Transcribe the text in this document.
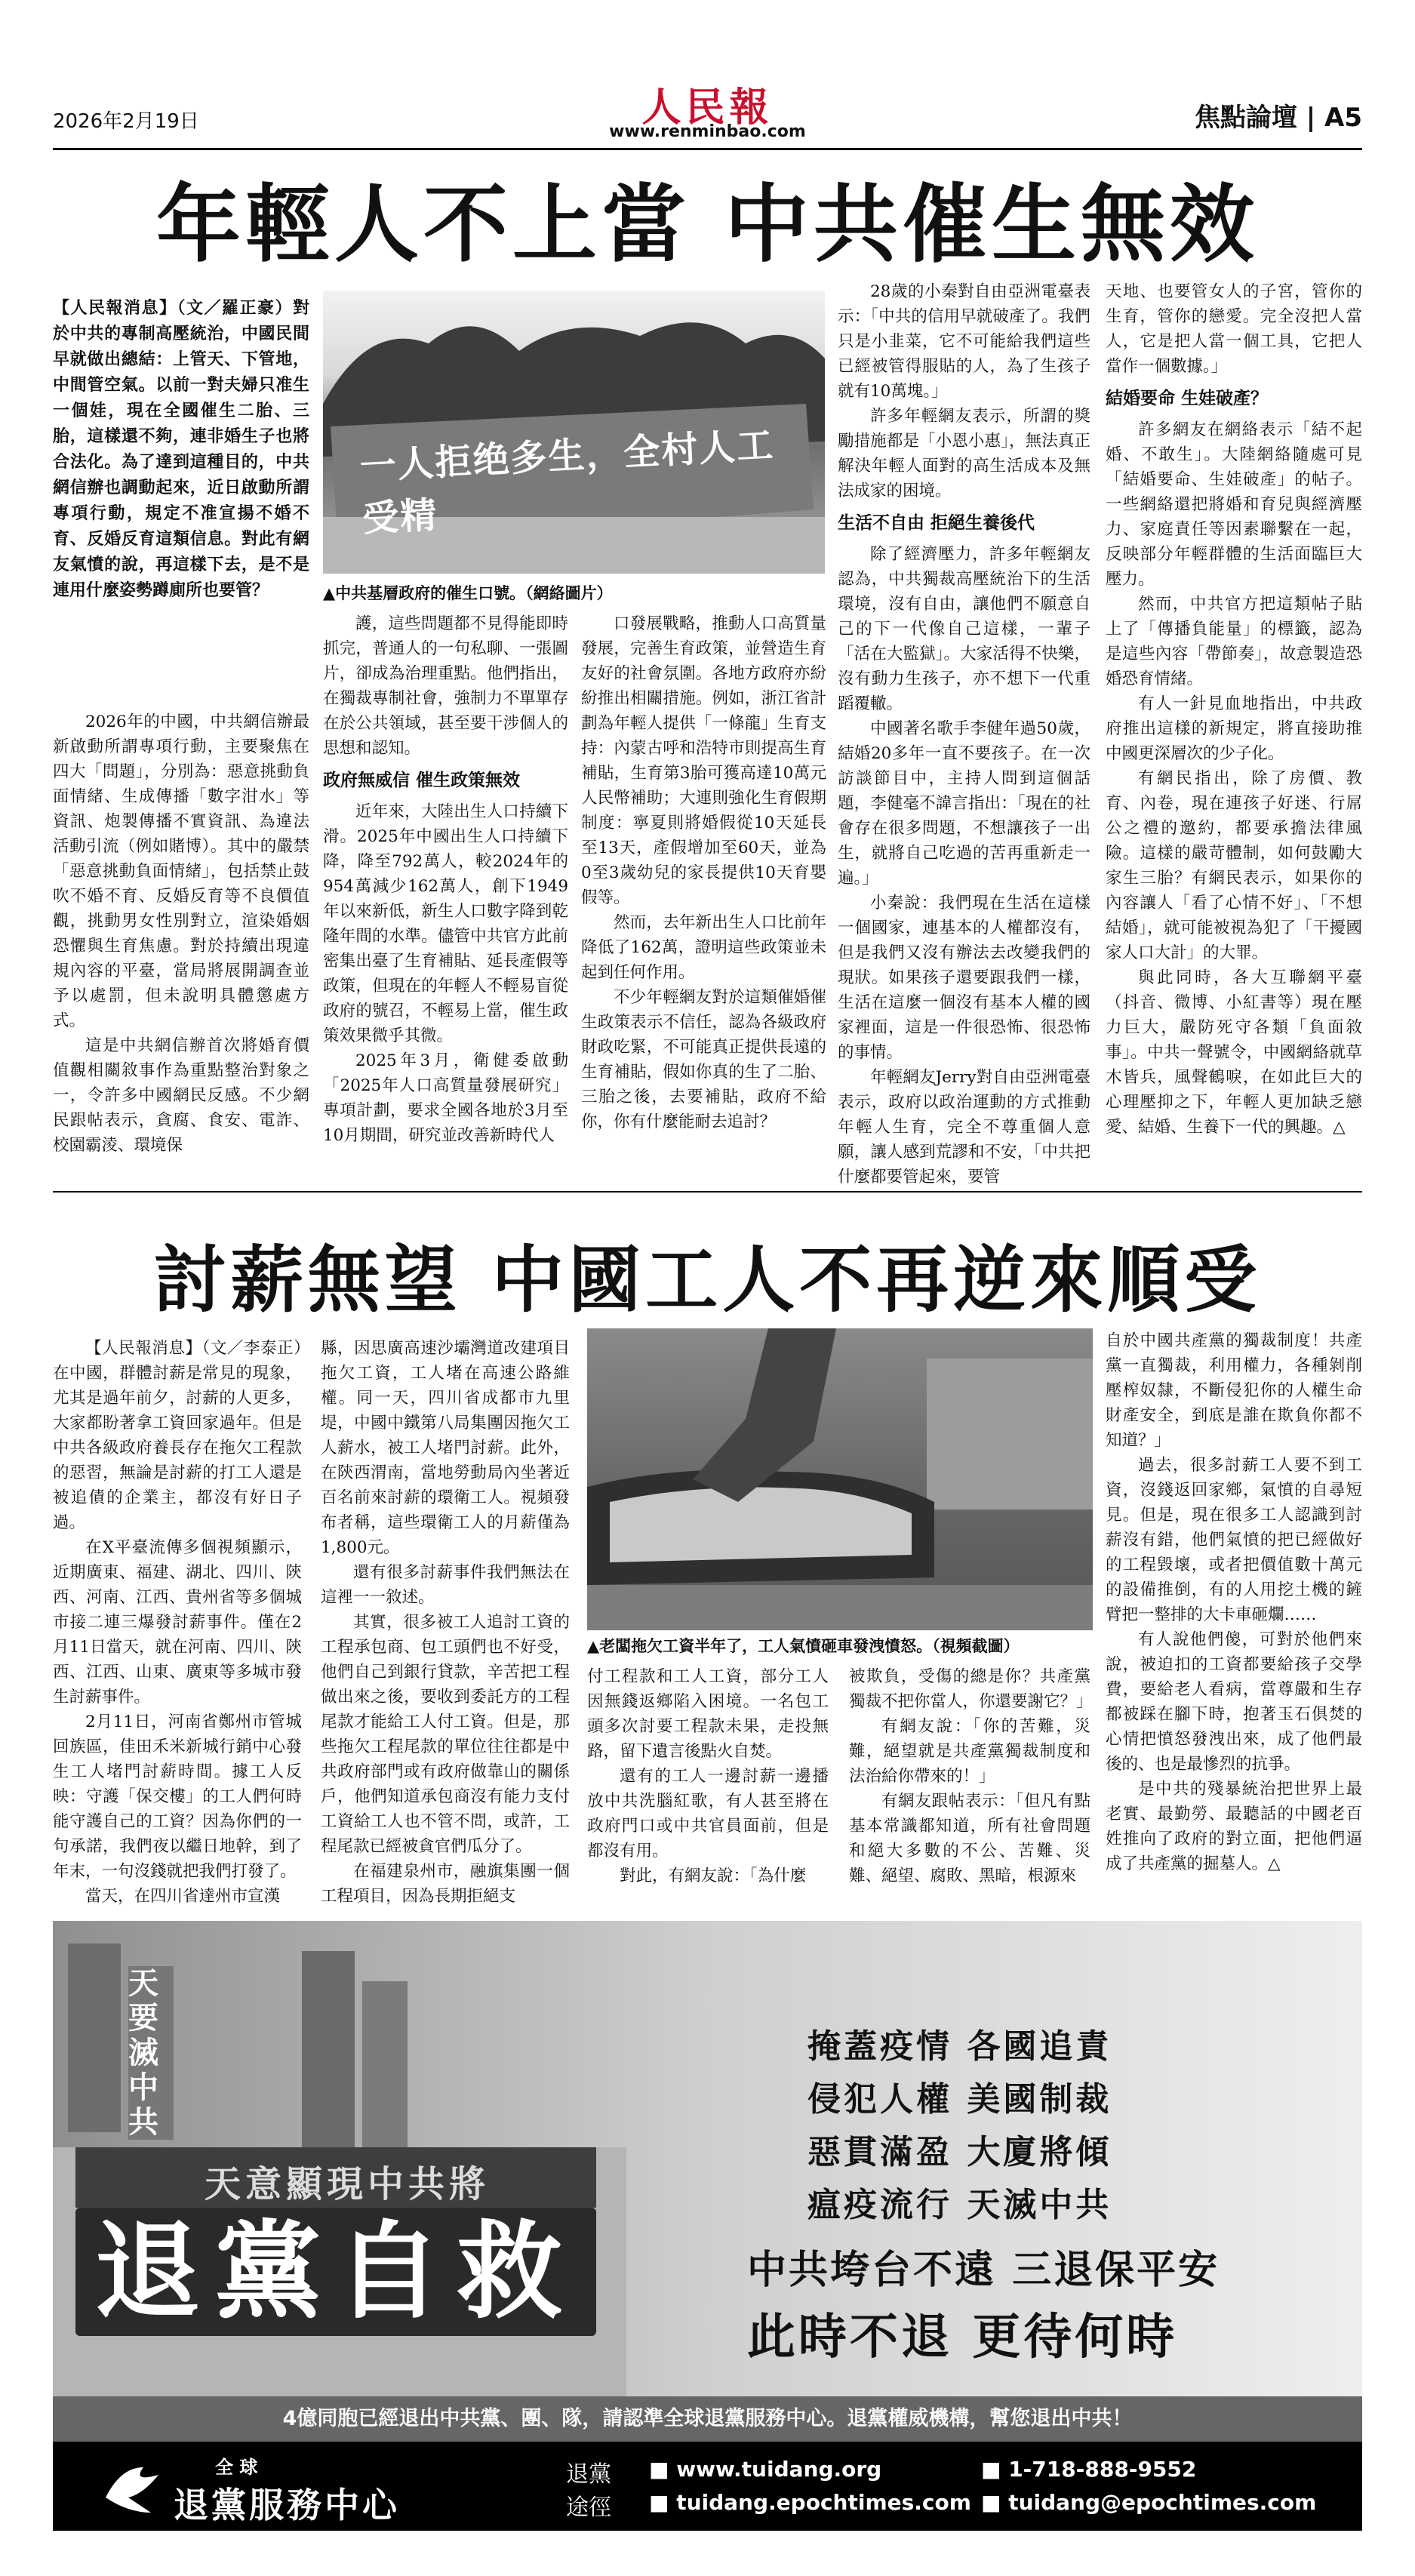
2026年2月19日	人民報
www.renminbao.com	焦點論壇 | A5
年輕人不上當 中共催生無效
【人民報消息】（文／羅正豪）對於中共的專制高壓統治，中國民間早就做出總結：上管天、下管地，中間管空氣。以前一對夫婦只准生一個娃，現在全國催生二胎、三胎，這樣還不夠，連非婚生子也將合法化。為了達到這種目的，中共網信辦也調動起來，近日啟動所謂專項行動，規定不准宣揚不婚不育、反婚反育這類信息。對此有網友氣憤的說，再這樣下去，是不是連用什麼姿勢蹲廁所也要管？

2026年的中國，中共網信辦最新啟動所謂專項行動，主要聚焦在四大「問題」，分別為：惡意挑動負面情緒、生成傳播「數字泔水」等資訊、炮製傳播不實資訊、為違法活動引流（例如賭博）。其中的嚴禁「惡意挑動負面情緒」，包括禁止鼓吹不婚不育、反婚反育等不良價值觀，挑動男女性別對立，渲染婚姻恐懼與生育焦慮。對於持續出現違規內容的平臺，當局將展開調查並予以處罰，但未說明具體懲處方式。

這是中共網信辦首次將婚育價值觀相關敘事作為重點整治對象之一，令許多中國網民反感。不少網民跟帖表示，貪腐、食安、電詐、校園霸淩、環境保

一人拒绝多生，全村人工受精
▲中共基層政府的催生口號。（網絡圖片）

護，這些問題都不見得能即時抓完，普通人的一句私聊、一張圖片，卻成為治理重點。他們指出，在獨裁專制社會，強制力不單單存在於公共領域，甚至要干涉個人的思想和認知。

政府無威信 催生政策無效

近年來，大陸出生人口持續下滑。2025年中國出生人口持續下降，降至792萬人，較2024年的954萬減少162萬人，創下1949年以來新低，新生人口數字降到乾隆年間的水準。儘管中共官方此前密集出臺了生育補貼、延長產假等政策，但現在的年輕人不輕易盲從政府的號召，不輕易上當，催生政策效果微乎其微。

2025年3月，衛健委啟動「2025年人口高質量發展研究」專項計劃，要求全國各地於3月至10月期間，研究並改善新時代人

口發展戰略，推動人口高質量發展，完善生育政策，並營造生育友好的社會氛圍。各地方政府亦紛紛推出相關措施。例如，浙江省計劃為年輕人提供「一條龍」生育支持：內蒙古呼和浩特市則提高生育補貼，生育第3胎可獲高達10萬元人民幣補助；大連則強化生育假期制度：寧夏則將婚假從10天延長至13天，產假增加至60天，並為0至3歲幼兒的家長提供10天育嬰假等。

然而，去年新出生人口比前年降低了162萬，證明這些政策並未起到任何作用。

不少年輕網友對於這類催婚催生政策表示不信任，認為各級政府財政吃緊，不可能真正提供長遠的生育補貼，假如你真的生了二胎、三胎之後，去要補貼，政府不給你，你有什麼能耐去追討？

28歲的小秦對自由亞洲電臺表示：「中共的信用早就破產了。我們只是小韭菜，它不可能給我們這些已經被管得服貼的人，為了生孩子就有10萬塊。」

許多年輕網友表示，所謂的獎勵措施都是「小恩小惠」，無法真正解決年輕人面對的高生活成本及無法成家的困境。

生活不自由 拒絕生養後代

除了經濟壓力，許多年輕網友認為，中共獨裁高壓統治下的生活環境，沒有自由，讓他們不願意自己的下一代像自己這樣，一輩子「活在大監獄」。大家活得不快樂，沒有動力生孩子，亦不想下一代重蹈覆轍。

中國著名歌手李健年過50歲，結婚20多年一直不要孩子。在一次訪談節目中，主持人問到這個話題，李健毫不諱言指出：「現在的社會存在很多問題，不想讓孩子一出生，就將自己吃過的苦再重新走一遍。」

小秦說：我們現在生活在這樣一個國家，連基本的人權都沒有，但是我們又沒有辦法去改變我們的現狀。如果孩子還要跟我們一樣，生活在這麼一個沒有基本人權的國家裡面，這是一件很恐怖、很恐怖的事情。

年輕網友Jerry對自由亞洲電臺表示，政府以政治運動的方式推動年輕人生育，完全不尊重個人意願，讓人感到荒謬和不安，「中共把什麼都要管起來，要管

天地、也要管女人的子宮，管你的生育，管你的戀愛。完全沒把人當人，它是把人當一個工具，它把人當作一個數據。」

結婚要命 生娃破產？

許多網友在網絡表示「結不起婚、不敢生」。大陸網絡隨處可見「結婚要命、生娃破產」的帖子。一些網絡還把將婚和育兒與經濟壓力、家庭責任等因素聯繫在一起，反映部分年輕群體的生活面臨巨大壓力。

然而，中共官方把這類帖子貼上了「傳播負能量」的標籤，認為是這些內容「帶節奏」，故意製造恐婚恐育情緒。

有人一針見血地指出，中共政府推出這樣的新規定，將直接助推中國更深層次的少子化。

有網民指出，除了房價、教育、內卷，現在連孩子好迷、行屌公之禮的邀約，都要承擔法律風險。這樣的嚴苛體制，如何鼓勵大家生三胎？有網民表示，如果你的內容讓人「看了心情不好」、「不想結婚」，就可能被視為犯了「干擾國家人口大計」的大罪。

與此同時，各大互聯網平臺（抖音、微博、小紅書等）現在壓力巨大，嚴防死守各類「負面敘事」。中共一聲號令，中國網絡就草木皆兵，風聲鶴唳，在如此巨大的心理壓抑之下，年輕人更加缺乏戀愛、結婚、生養下一代的興趣。△

討薪無望 中國工人不再逆來順受

【人民報消息】（文／李泰正）在中國，群體討薪是常見的現象，尤其是過年前夕，討薪的人更多，大家都盼著拿工資回家過年。但是中共各級政府養長存在拖欠工程款的惡習，無論是討薪的打工人還是被追債的企業主，都沒有好日子過。

在X平臺流傳多個視頻顯示，近期廣東、福建、湖北、四川、陝西、河南、江西、貴州省等多個城市接二連三爆發討薪事件。僅在2月11日當天，就在河南、四川、陝西、江西、山東、廣東等多城市發生討薪事件。

2月11日，河南省鄭州市管城回族區，佳田禾米新城行銷中心發生工人堵門討薪時間。據工人反映：守護「保交樓」的工人們何時能守護自己的工資？因為你們的一句承諾，我們夜以繼日地幹，到了年末，一句沒錢就把我們打發了。

當天，在四川省達州市宣漢

縣，因思廣高速沙壩灣道改建項目拖欠工資，工人堵在高速公路維權。同一天，四川省成都市九里堤，中國中鐵第八局集團因拖欠工人薪水，被工人堵門討薪。此外，在陝西渭南，當地勞動局內坐著近百名前來討薪的環衛工人。視頻發布者稱，這些環衛工人的月薪僅為1,800元。

還有很多討薪事件我們無法在這裡一一敘述。

其實，很多被工人追討工資的工程承包商、包工頭們也不好受，他們自己到銀行貸款，辛苦把工程做出來之後，要收到委託方的工程尾款才能給工人付工資。但是，那些拖欠工程尾款的單位往往都是中共政府部門或有政府做靠山的關係戶，他們知道承包商沒有能力支付工資給工人也不管不問，或許，工程尾款已經被貪官們瓜分了。

在福建泉州市，融旗集團一個工程項目，因為長期拒絕支

▲老闆拖欠工資半年了，工人氣憤砸車發洩憤怒。（視頻截圖）

付工程款和工人工資，部分工人因無錢返鄉陷入困境。一名包工頭多次討要工程款未果，走投無路，留下遺言後點火自焚。

還有的工人一邊討薪一邊播放中共洗腦紅歌，有人甚至將在政府門口或中共官員面前，但是都沒有用。

對此，有網友說：「為什麼

被欺負，受傷的總是你？共產黨獨裁不把你當人，你還要謝它？」

有網友說：「你的苦難，災難，絕望就是共產黨獨裁制度和法治給你帶來的！」

有網友跟帖表示：「但凡有點基本常識都知道，所有社會問題和絕大多數的不公、苦難、災難、絕望、腐敗、黑暗，根源來

自於中國共產黨的獨裁制度！共產黨一直獨裁，利用權力，各種剝削壓榨奴隸，不斷侵犯你的人權生命財產安全，到底是誰在欺負你都不知道？」

過去，很多討薪工人要不到工資，沒錢返回家鄉，氣憤的自尋短見。但是，現在很多工人認識到討薪沒有錯，他們氣憤的把已經做好的工程毀壞，或者把價值數十萬元的設備推倒，有的人用挖土機的鏟臂把一整排的大卡車砸爛……

有人說他們傻，可對於他們來說，被迫扣的工資都要給孩子交學費，要給老人看病，當尊嚴和生存都被踩在腳下時，抱著玉石俱焚的心情把憤怒發洩出來，成了他們最後的、也是最慘烈的抗爭。

是中共的殘暴統治把世界上最老實、最勤勞、最聽話的中國老百姓推向了政府的對立面，把他們逼成了共產黨的掘墓人。△

天要滅中共
天意顯現中共將
退黨自救
掩蓋疫情 各國追責
侵犯人權 美國制裁
惡貫滿盈 大廈將傾
瘟疫流行 天滅中共
中共垮台不遠 三退保平安
此時不退 更待何時
4億同胞已經退出中共黨、團、隊，請認準全球退黨服務中心。退黨權威機構，幫您退出中共！
全 球
退黨服務中心
退黨
途徑
■ www.tuidang.org
■ tuidang.epochtimes.com
■ 1-718-888-9552
■ tuidang@epochtimes.com
